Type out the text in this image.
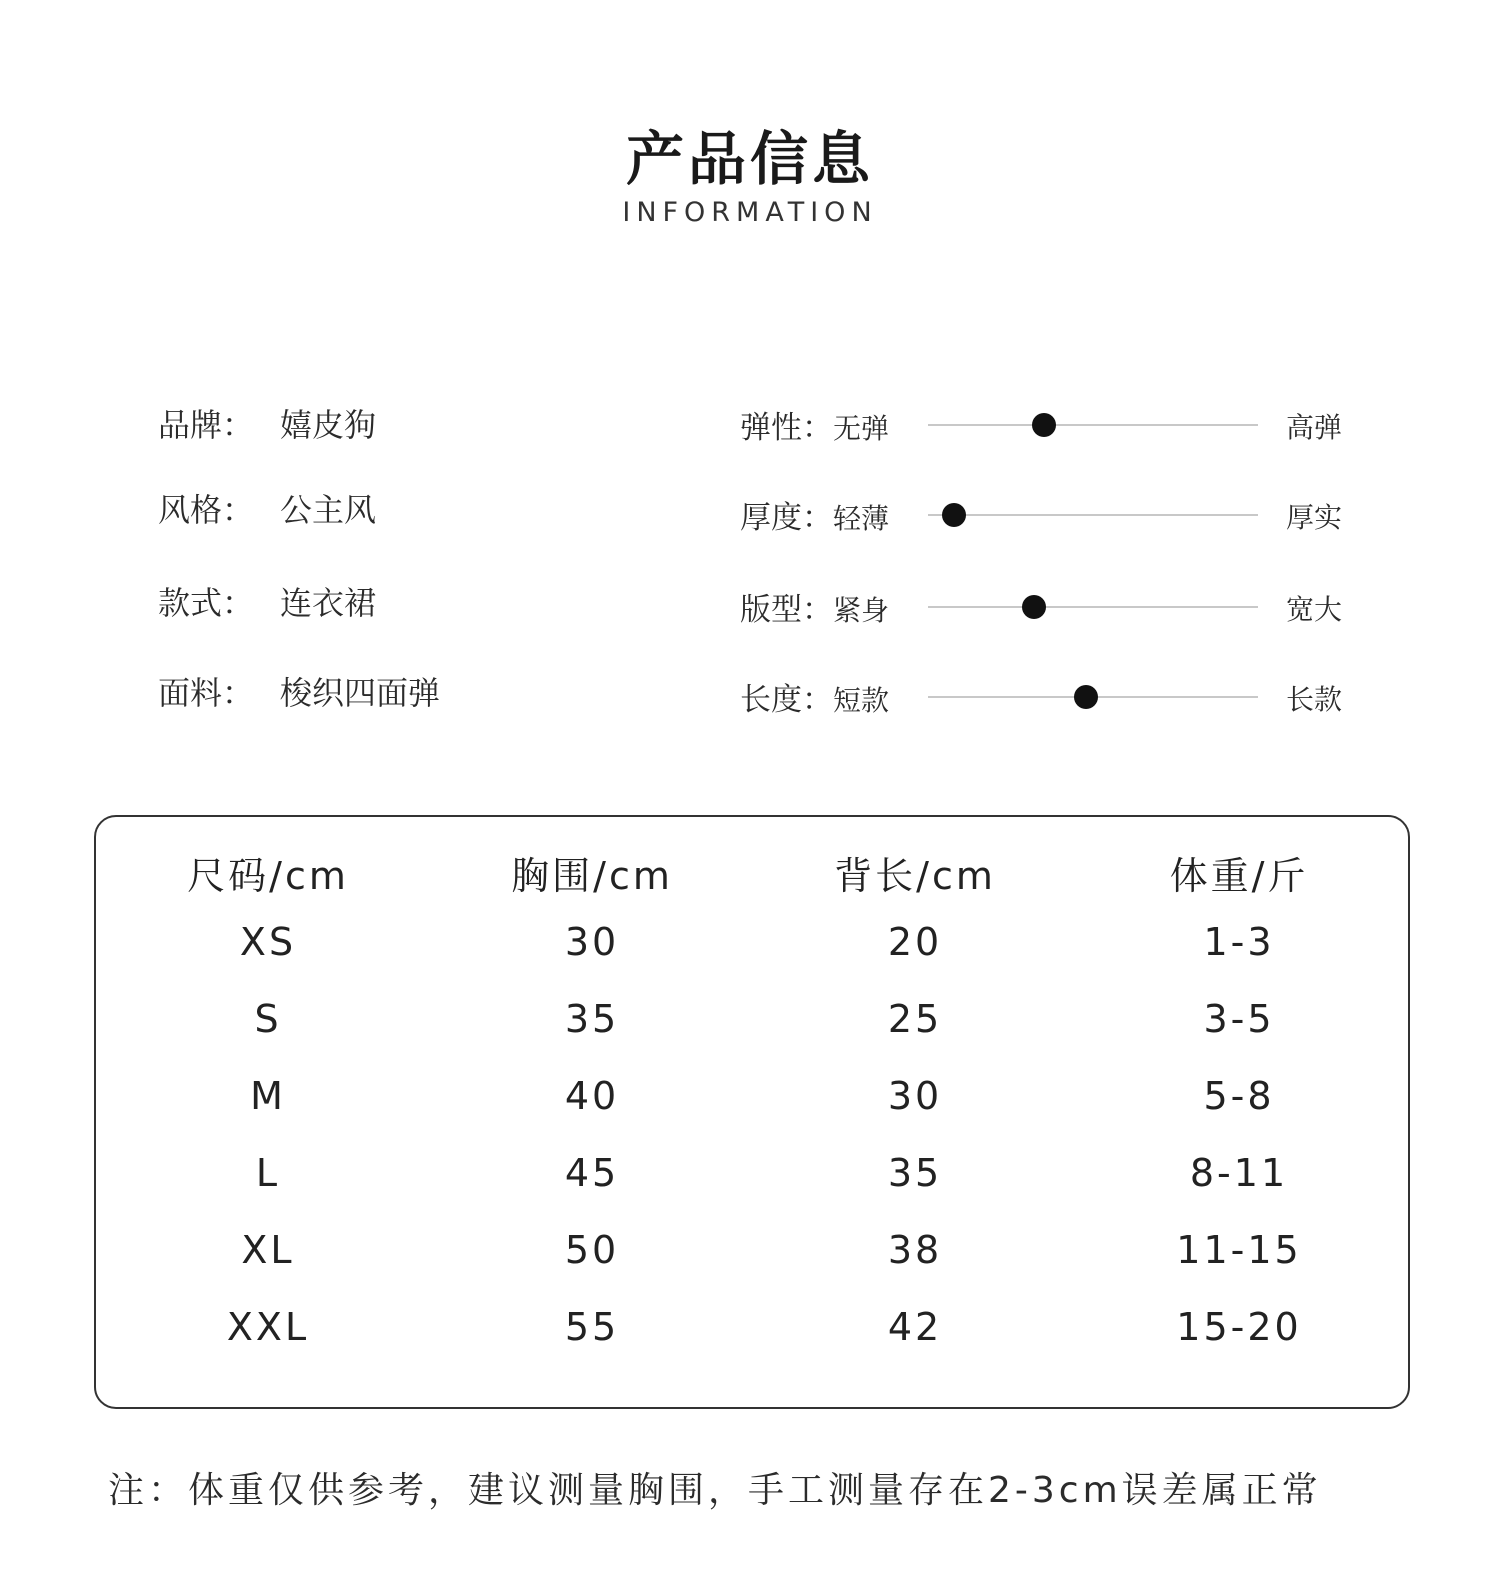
产品信息
INFORMATION
品牌： 嬉皮狗
风格： 公主风
款式： 连衣裙
面料： 梭织四面弹
弹性：无弹	高弹
厚度：轻薄	厚实
版型：紧身	宽大
长度：短款	长款
尺码/cm	胸围/cm	背长/cm	体重/斤
XS	30	20	1-3
S	35	25	3-5
M	40	30	5-8
L	45	35	8-11
XL	50	38	11-15
XXL	55	42	15-20
注：体重仅供参考，建议测量胸围，手工测量存在2-3cm误差属正常
